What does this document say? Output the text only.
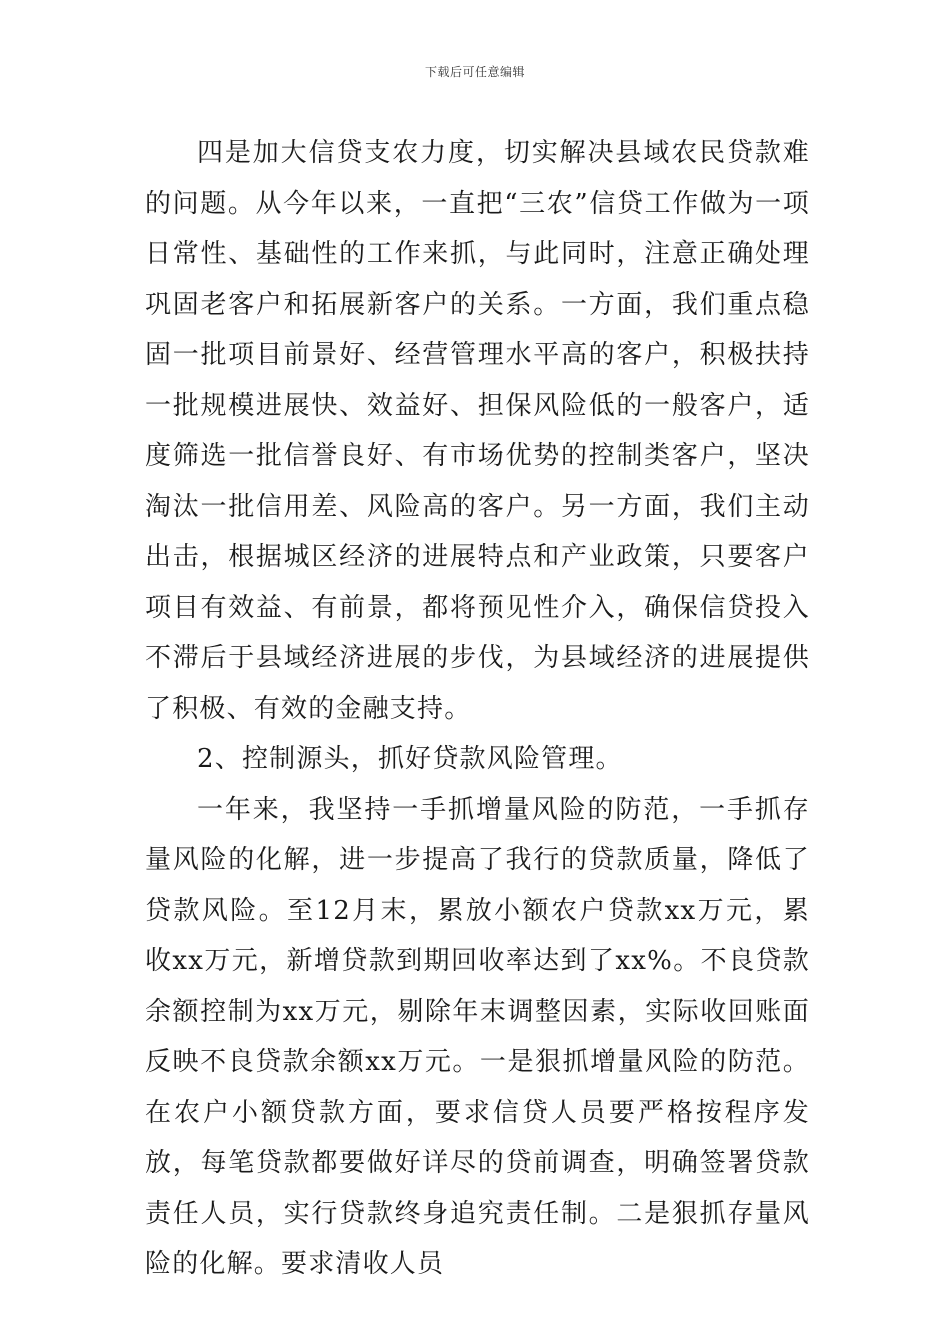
下载后可任意编辑

四是加大信贷支农力度，切实解决县域农民贷款难的问题。从今年以来，一直把“三农”信贷工作做为一项日常性、基础性的工作来抓，与此同时，注意正确处理巩固老客户和拓展新客户的关系。一方面，我们重点稳固一批项目前景好、经营管理水平高的客户，积极扶持一批规模进展快、效益好、担保风险低的一般客户，适度筛选一批信誉良好、有市场优势的控制类客户，坚决淘汰一批信用差、风险高的客户。另一方面，我们主动出击，根据城区经济的进展特点和产业政策，只要客户项目有效益、有前景，都将预见性介入，确保信贷投入不滞后于县域经济进展的步伐，为县域经济的进展提供了积极、有效的金融支持。

2、控制源头，抓好贷款风险管理。

一年来，我坚持一手抓增量风险的防范，一手抓存量风险的化解，进一步提高了我行的贷款质量，降低了贷款风险。至12月末，累放小额农户贷款xx万元，累收xx万元，新增贷款到期回收率达到了xx%。不良贷款余额控制为xx万元，剔除年末调整因素，实际收回账面反映不良贷款余额xx万元。一是狠抓增量风险的防范。在农户小额贷款方面，要求信贷人员要严格按程序发放，每笔贷款都要做好详尽的贷前调查，明确签署贷款责任人员，实行贷款终身追究责任制。二是狠抓存量风险的化解。要求清收人员
